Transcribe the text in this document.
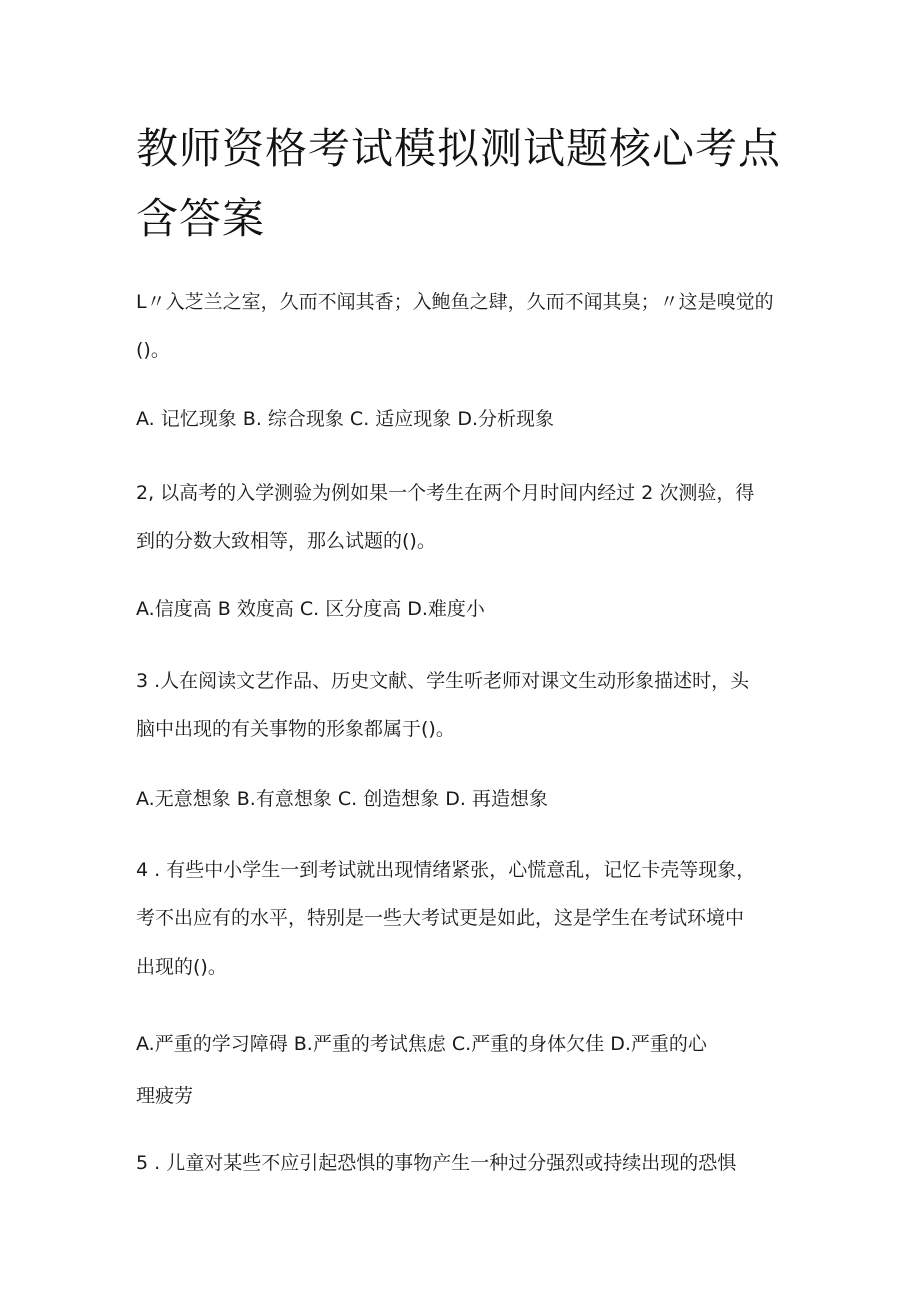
教师资格考试模拟测试题核心考点
含答案
L〃入芝兰之室，久而不闻其香；入鲍鱼之肆，久而不闻其臭；〃这是嗅觉的
()。
A. 记忆现象 B. 综合现象 C. 适应现象 D.分析现象
2, 以高考的入学测验为例如果一个考生在两个月时间内经过 2 次测验，得
到的分数大致相等，那么试题的()。
A.信度高 B 效度高 C. 区分度高 D.难度小
3 .人在阅读文艺作品、历史文献、学生听老师对课文生动形象描述时，头
脑中出现的有关事物的形象都属于()。
A.无意想象 B.有意想象 C. 创造想象 D. 再造想象
4 . 有些中小学生一到考试就出现情绪紧张，心慌意乱，记忆卡壳等现象，
考不出应有的水平，特别是一些大考试更是如此，这是学生在考试环境中
出现的()。
A.严重的学习障碍 B.严重的考试焦虑 C.严重的身体欠佳 D.严重的心
理疲劳
5 . 儿童对某些不应引起恐惧的事物产生一种过分强烈或持续出现的恐惧
